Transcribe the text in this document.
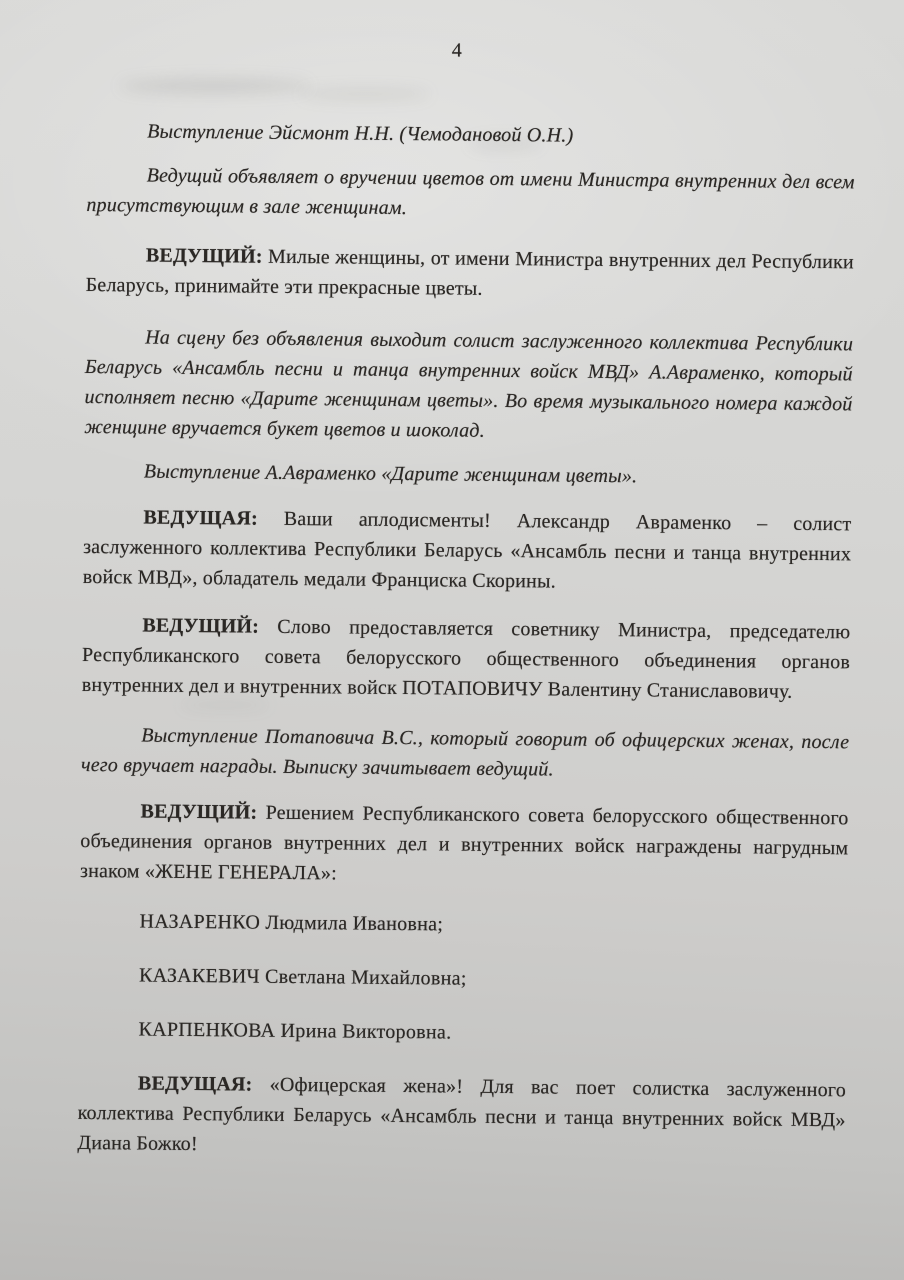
4

Выступление Эйсмонт Н.Н. (Чемодановой О.Н.)

Ведущий объявляет о вручении цветов от имени Министра внутренних дел всем присутствующим в зале женщинам.

ВЕДУЩИЙ: Милые женщины, от имени Министра внутренних дел Республики Беларусь, принимайте эти прекрасные цветы.

На сцену без объявления выходит солист заслуженного коллектива Республики Беларусь «Ансамбль песни и танца внутренних войск МВД» А.Авраменко, который исполняет песню «Дарите женщинам цветы». Во время музыкального номера каждой женщине вручается букет цветов и шоколад.

Выступление А.Авраменко «Дарите женщинам цветы».

ВЕДУЩАЯ: Ваши аплодисменты! Александр Авраменко – солист заслуженного коллектива Республики Беларусь «Ансамбль песни и танца внутренних войск МВД», обладатель медали Франциска Скорины.

ВЕДУЩИЙ: Слово предоставляется советнику Министра, председателю Республиканского совета белорусского общественного объединения органов внутренних дел и внутренних войск ПОТАПОВИЧУ Валентину Станиславовичу.

Выступление Потаповича В.С., который говорит об офицерских женах, после чего вручает награды. Выписку зачитывает ведущий.

ВЕДУЩИЙ: Решением Республиканского совета белорусского общественного объединения органов внутренних дел и внутренних войск награждены нагрудным знаком «ЖЕНЕ ГЕНЕРАЛА»:

НАЗАРЕНКО Людмила Ивановна;

КАЗАКЕВИЧ Светлана Михайловна;

КАРПЕНКОВА Ирина Викторовна.

ВЕДУЩАЯ: «Офицерская жена»! Для вас поет солистка заслуженного коллектива Республики Беларусь «Ансамбль песни и танца внутренних войск МВД» Диана Божко!
